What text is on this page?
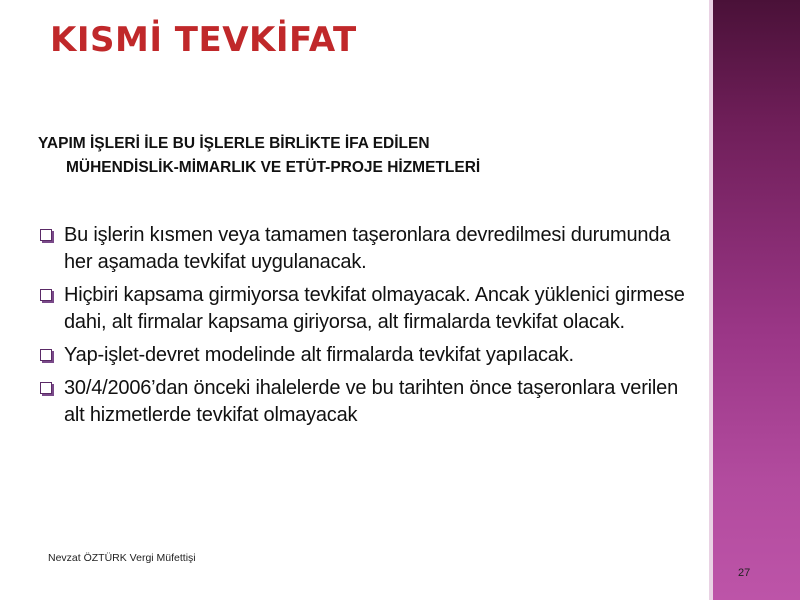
KISMİ TEVKİFAT
YAPIM İŞLERİ İLE BU İŞLERLE BİRLİKTE İFA EDİLEN
MÜHENDİSLİK-MİMARLIK VE ETÜT-PROJE HİZMETLERİ
Bu işlerin kısmen veya tamamen taşeronlara devredilmesi durumunda her aşamada tevkifat uygulanacak.
Hiçbiri kapsama girmiyorsa tevkifat olmayacak. Ancak yüklenici girmese dahi, alt firmalar kapsama giriyorsa, alt firmalarda tevkifat olacak.
Yap-işlet-devret modelinde alt firmalarda tevkifat yapılacak.
30/4/2006’dan önceki ihalelerde ve bu tarihten önce taşeronlara verilen alt hizmetlerde tevkifat olmayacak
Nevzat ÖZTÜRK Vergi Müfettişi
27
